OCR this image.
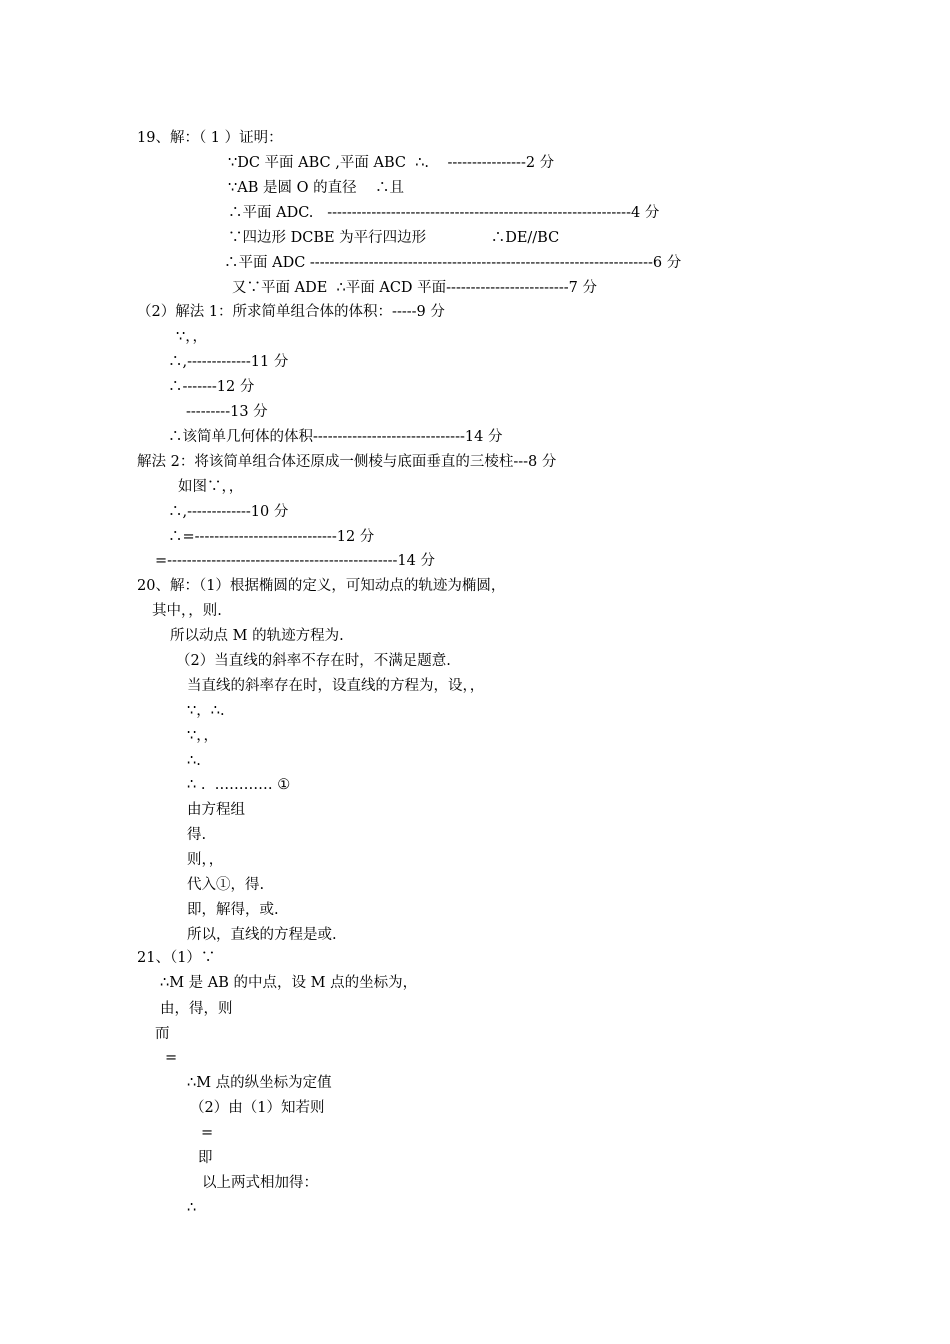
19、解：（ 1 ）证明：
∵DC 平面 ABC ,平面 ABC  ∴.    ----------------2 分
∵AB 是圆 O 的直径    ∴且
∴平面 ADC.   --------------------------------------------------------------4 分
∵四边形 DCBE 为平行四边形              ∴DE//BC
∴平面 ADC ----------------------------------------------------------------------6 分
又∵平面 ADE  ∴平面 ACD 平面-------------------------7 分
（2）解法 1：所求简单组合体的体积：-----9 分
∵，，
∴,-------------11 分
∴-------12 分
---------13 分
∴该简单几何体的体积-------------------------------14 分
解法 2：将该简单组合体还原成一侧棱与底面垂直的三棱柱---8 分
如图∵，，
∴,-------------10 分
∴=-----------------------------12 分
=-----------------------------------------------14 分
20、解：（1）根据椭圆的定义，可知动点的轨迹为椭圆，
其中，，则.
所以动点 M 的轨迹方程为.
（2）当直线的斜率不存在时，不满足题意.
当直线的斜率存在时，设直线的方程为，设，，
∵，∴.
∵，，
∴.
∴ .  ………… ①
由方程组
得.
则，，
代入①，得.
即，解得，或.
所以，直线的方程是或.
21、（1）∵
∴M 是 AB 的中点，设 M 点的坐标为，
由，得，则
而
=
∴M 点的纵坐标为定值
（2）由（1）知若则
=
即
以上两式相加得：
∴
